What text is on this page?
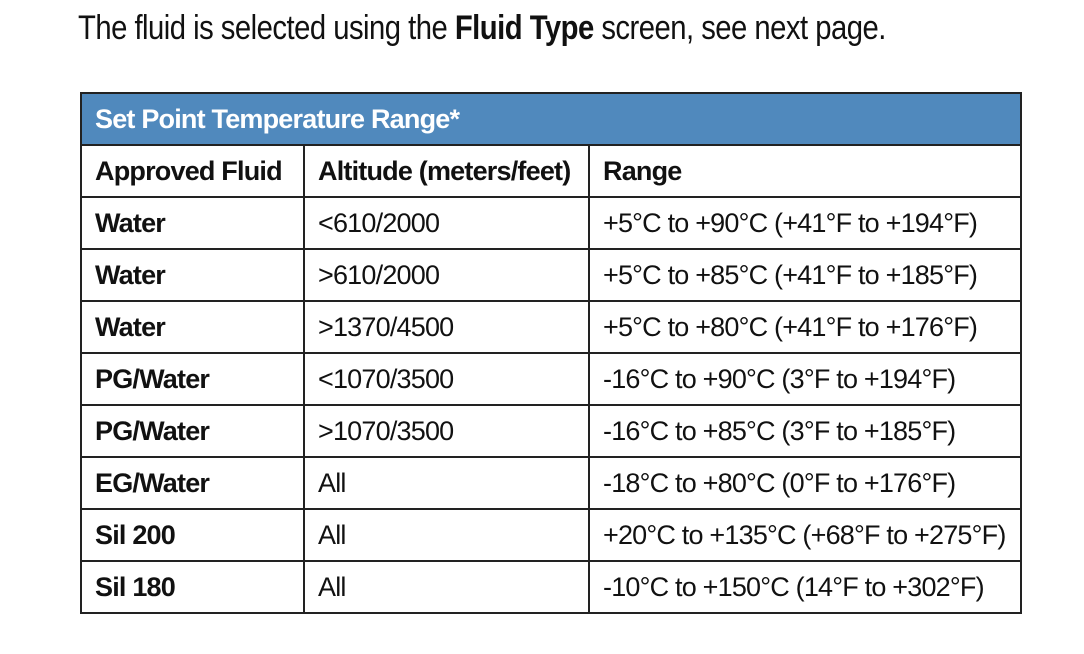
The fluid is selected using the Fluid Type screen, see next page.
Set Point Temperature Range*		
Approved Fluid	Altitude (meters/feet)	Range
Water	<610/2000	+5°C to +90°C (+41°F to +194°F)
Water	>610/2000	+5°C to +85°C (+41°F to +185°F)
Water	>1370/4500	+5°C to +80°C (+41°F to +176°F)
PG/Water	<1070/3500	-16°C to +90°C (3°F to +194°F)
PG/Water	>1070/3500	-16°C to +85°C (3°F to +185°F)
EG/Water	All	-18°C to +80°C (0°F to +176°F)
Sil 200	All	+20°C to +135°C (+68°F to +275°F)
Sil 180	All	-10°C to +150°C (14°F to +302°F)
